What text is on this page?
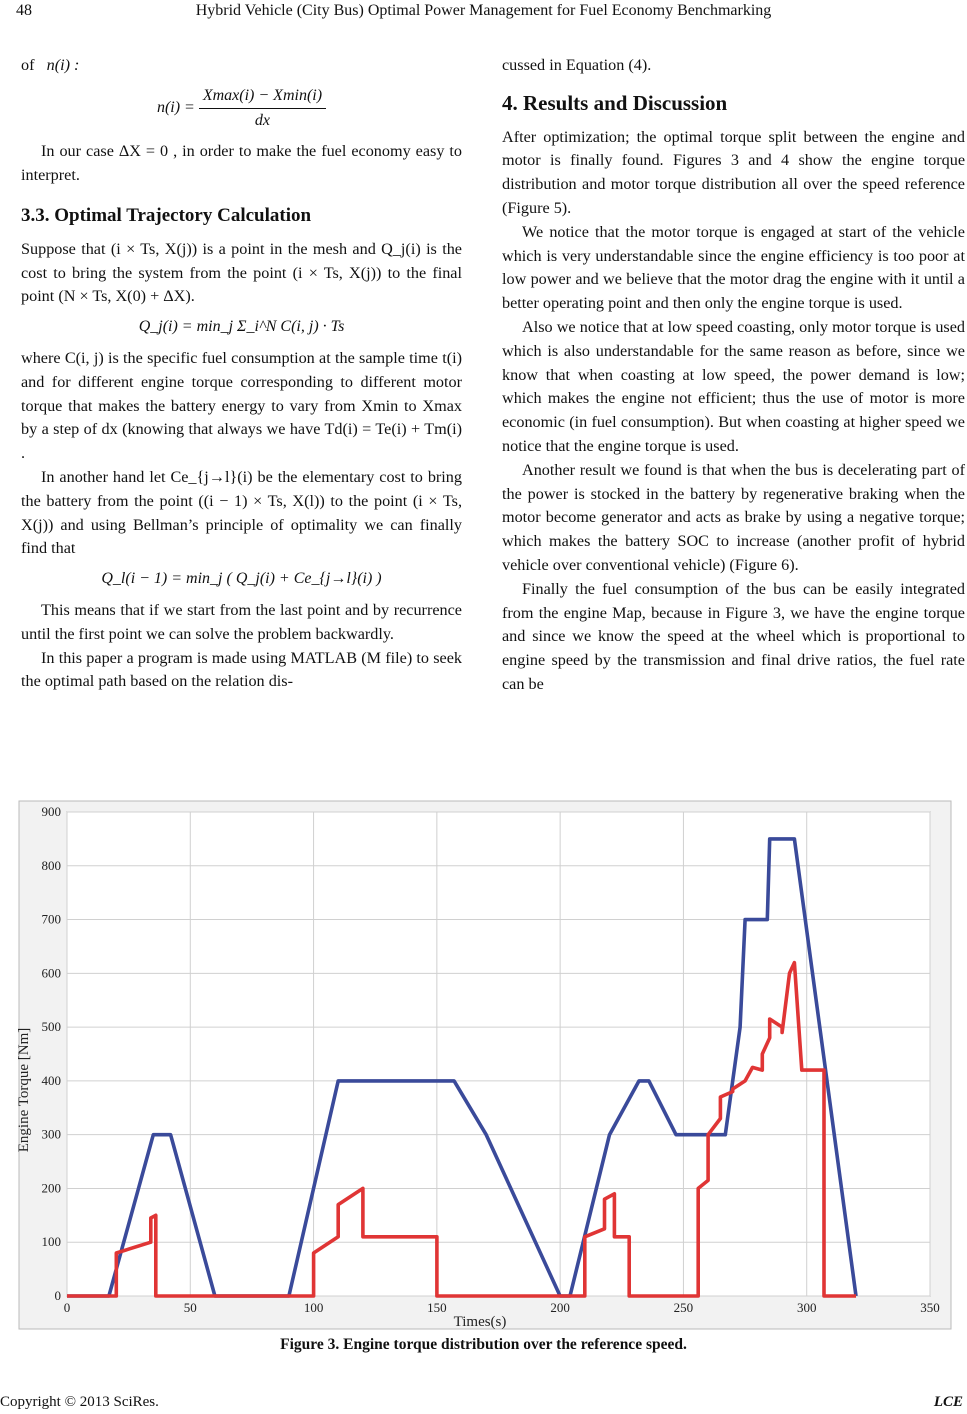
48	Hybrid Vehicle (City Bus) Optimal Power Management for Fuel Economy Benchmarking

of n(i) :

$n(i) = \frac{Xmax(i) - Xmin(i)}{dx}$

In our case ΔX = 0 , in order to make the fuel economy easy to interpret.

3.3. Optimal Trajectory Calculation

Suppose that (i × Ts, X(j)) is a point in the mesh and Q_j(i) is the cost to bring the system from the point (i × Ts, X(j)) to the final point (N × Ts, X(0) + ΔX).

Q_j(i) = min_j Σ_i^N C(i, j) · Ts

where C(i, j) is the specific fuel consumption at the sample time t(i) and for different engine torque corresponding to different motor torque that makes the battery energy to vary from Xmin to Xmax by a step of dx (knowing that always we have Td(i) = Te(i) + Tm(i) .

In another hand let Ce_{j→l}(i) be the elementary cost to bring the battery from the point ((i − 1) × Ts, X(l)) to the point (i × Ts, X(j)) and using Bellman’s principle of optimality we can finally find that

Q_l(i − 1) = min_j ( Q_j(i) + Ce_{j→l}(i) )

This means that if we start from the last point and by recurrence until the first point we can solve the problem backwardly.

In this paper a program is made using MATLAB (M file) to seek the optimal path based on the relation dis-

cussed in Equation (4).

4. Results and Discussion

After optimization; the optimal torque split between the engine and motor is finally found. Figures 3 and 4 show the engine torque distribution and motor torque distribution all over the speed reference (Figure 5).

We notice that the motor torque is engaged at start of the vehicle which is very understandable since the engine efficiency is too poor at low power and we believe that the motor drag the engine with it until a better operating point and then only the engine torque is used.

Also we notice that at low speed coasting, only motor torque is used which is also understandable for the same reason as before, since we know that when coasting at low speed, the power demand is low; which makes the engine not efficient; thus the use of motor is more economic (in fuel consumption). But when coasting at higher speed we notice that the engine torque is used.

Another result we found is that when the bus is decelerating part of the power is stocked in the battery by regenerative braking when the motor become generator and acts as brake by using a negative torque; which makes the battery SOC to increase (another profit of hybrid vehicle over conventional vehicle) (Figure 6).

Finally the fuel consumption of the bus can be easily integrated from the engine Map, because in Figure 3, we have the engine torque and since we know the speed at the wheel which is proportional to engine speed by the transmission and final drive ratios, the fuel rate can be

0	50	100	150	200	250	300	350
0
100
200
300
400
500
600
700
800
900
Times(s)
Engine Torque [Nm]
Figure 3. Engine torque distribution over the reference speed.
Copyright © 2013 SciRes.	LCE
